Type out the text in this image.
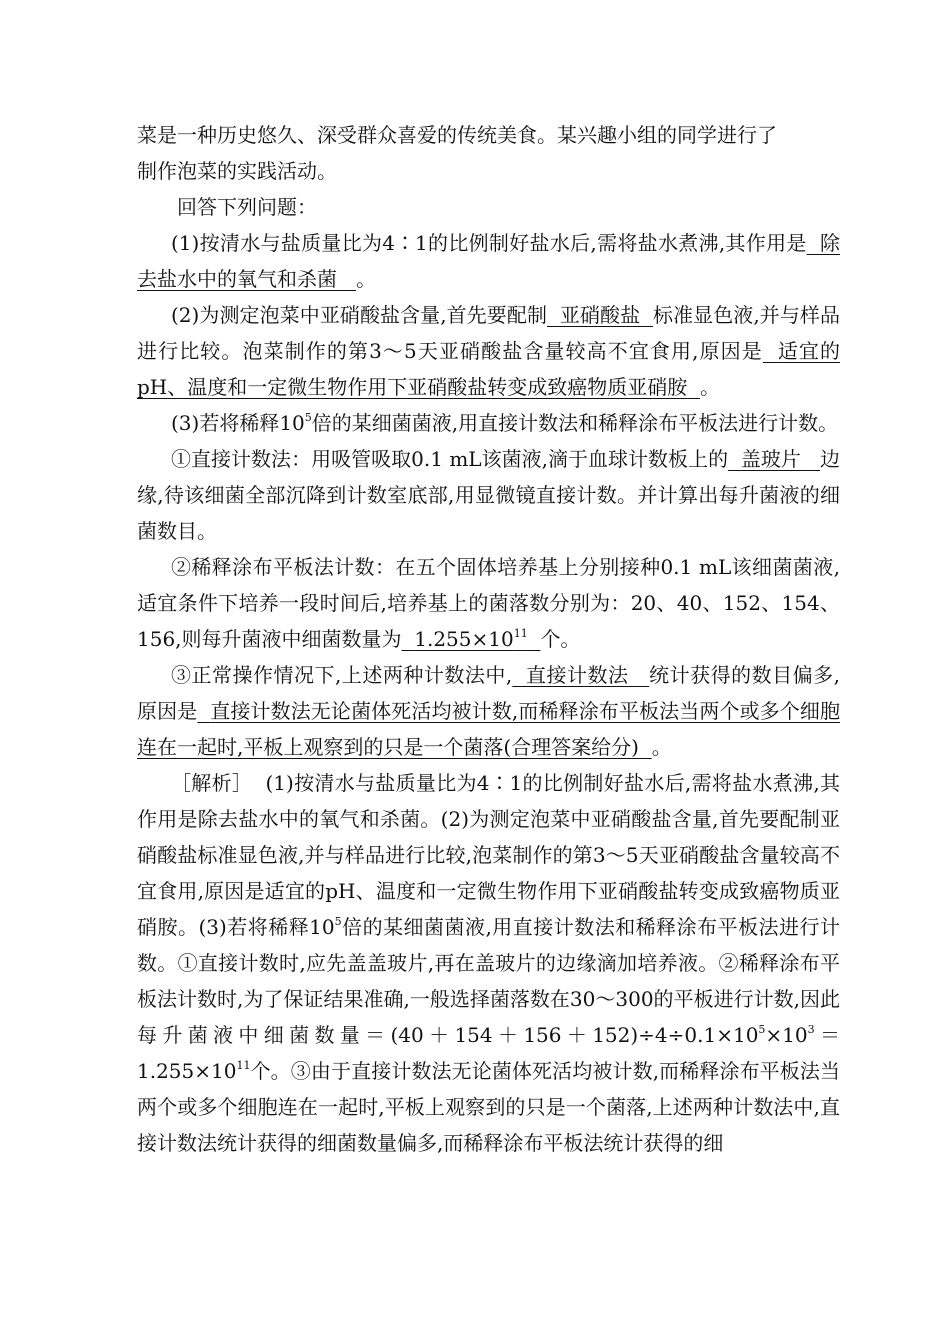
菜是一种历史悠久、深受群众喜爱的传统美食。某兴趣小组的同学进行了
制作泡菜的实践活动。

回答下列问题：

(1)按清水与盐质量比为4∶1的比例制好盐水后,需将盐水煮沸,其作用是 除去盐水中的氧气和杀菌 。

(2)为测定泡菜中亚硝酸盐含量,首先要配制 亚硝酸盐 标准显色液,并与样品进行比较。泡菜制作的第3～5天亚硝酸盐含量较高不宜食用,原因是 适宜的pH、温度和一定微生物作用下亚硝酸盐转变成致癌物质亚硝胺 。

(3)若将稀释$10^5$倍的某细菌菌液,用直接计数法和稀释涂布平板法进行计数。

①直接计数法：用吸管吸取0.1 mL该菌液,滴于血球计数板上的 盖玻片 边缘,待该细菌全部沉降到计数室底部,用显微镜直接计数。并计算出每升菌液的细菌数目。

②稀释涂布平板法计数：在五个固体培养基上分别接种0.1 mL该细菌菌液,适宜条件下培养一段时间后,培养基上的菌落数分别为：20、40、152、154、156,则每升菌液中细菌数量为 $1.255\times 10^{11}$ 个。

③正常操作情况下,上述两种计数法中, 直接计数法 统计获得的数目偏多,原因是 直接计数法无论菌体死活均被计数,而稀释涂布平板法当两个或多个细胞连在一起时,平板上观察到的只是一个菌落(合理答案给分) 。

［解析］ (1)按清水与盐质量比为4∶1的比例制好盐水后,需将盐水煮沸,其作用是除去盐水中的氧气和杀菌。(2)为测定泡菜中亚硝酸盐含量,首先要配制亚硝酸盐标准显色液,并与样品进行比较,泡菜制作的第3～5天亚硝酸盐含量较高不宜食用,原因是适宜的pH、温度和一定微生物作用下亚硝酸盐转变成致癌物质亚硝胺。(3)若将稀释$10^5$倍的某细菌菌液,用直接计数法和稀释涂布平板法进行计数。①直接计数时,应先盖盖玻片,再在盖玻片的边缘滴加培养液。②稀释涂布平板法计数时,为了保证结果准确,一般选择菌落数在30～300的平板进行计数,因此每升菌液中细菌数量$=(40+154+156+152)\div 4\div 0.1\times 10^5\times 10^3=1.255\times 10^{11}$个。③由于直接计数法无论菌体死活均被计数,而稀释涂布平板法当两个或多个细胞连在一起时,平板上观察到的只是一个菌落,上述两种计数法中,直接计数法统计获得的细菌数量偏多,而稀释涂布平板法统计获得的细
